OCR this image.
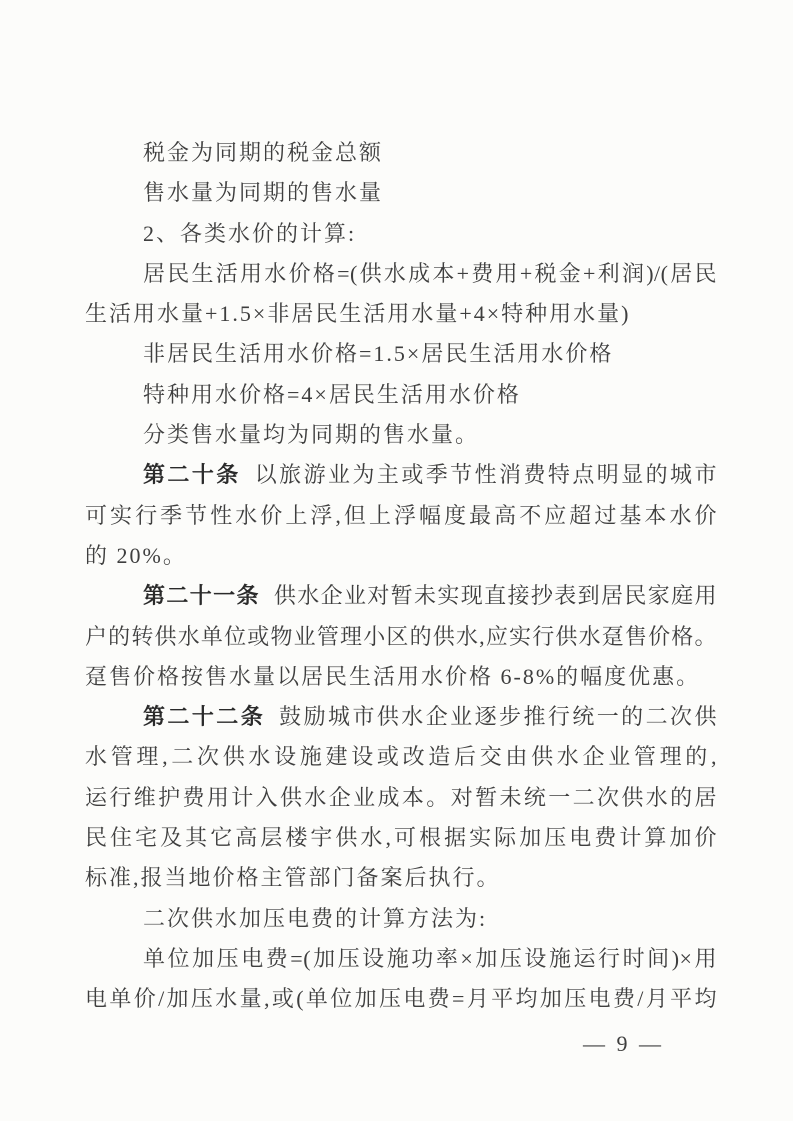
税金为同期的税金总额
售水量为同期的售水量
2、各类水价的计算:
居民生活用水价格=(供水成本+费用+税金+利润)/(居民
生活用水量+1.5×非居民生活用水量+4×特种用水量)
非居民生活用水价格=1.5×居民生活用水价格
特种用水价格=4×居民生活用水价格
分类售水量均为同期的售水量。
第二十条 以旅游业为主或季节性消费特点明显的城市
可实行季节性水价上浮,但上浮幅度最高不应超过基本水价
的 20%。
第二十一条 供水企业对暂未实现直接抄表到居民家庭用
户的转供水单位或物业管理小区的供水,应实行供水趸售价格。
趸售价格按售水量以居民生活用水价格 6-8%的幅度优惠。
第二十二条 鼓励城市供水企业逐步推行统一的二次供
水管理,二次供水设施建设或改造后交由供水企业管理的,
运行维护费用计入供水企业成本。对暂未统一二次供水的居
民住宅及其它高层楼宇供水,可根据实际加压电费计算加价
标准,报当地价格主管部门备案后执行。
二次供水加压电费的计算方法为:
单位加压电费=(加压设施功率×加压设施运行时间)×用
电单价/加压水量,或(单位加压电费=月平均加压电费/月平均
— 9 —
